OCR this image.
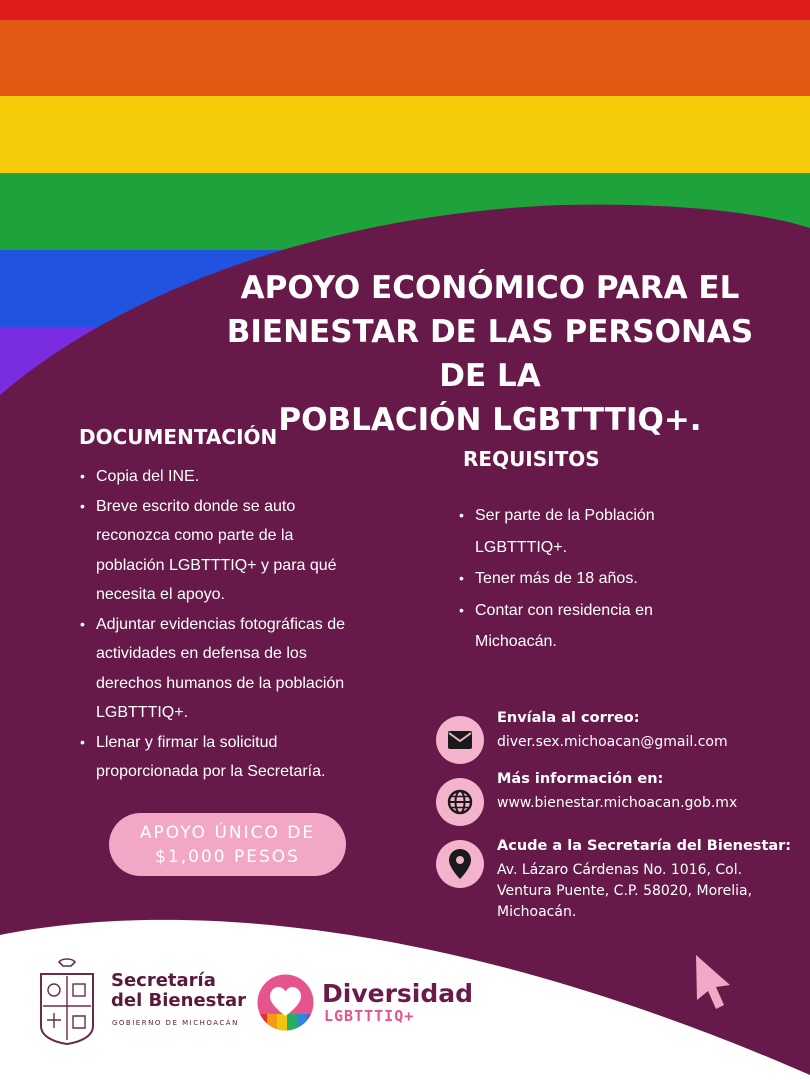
APOYO ECONÓMICO PARA EL
BIENESTAR DE LAS PERSONAS DE LA
POBLACIÓN LGBTTTIQ+.
DOCUMENTACIÓN
• Copia del INE.
• Breve escrito donde se auto
reconozca como parte de la
población LGBTTTIQ+ y para qué
necesita el apoyo.
• Adjuntar evidencias fotográficas de
actividades en defensa de los
derechos humanos de la población
LGBTTTIQ+.
• Llenar y firmar la solicitud
proporcionada por la Secretaría.
REQUISITOS
• Ser parte de la Población
LGBTTTIQ+.
• Tener más de 18 años.
• Contar con residencia en
Michoacán.
APOYO ÚNICO DE
$1,000 PESOS
Envíala al correo:
diver.sex.michoacan@gmail.com
Más información en:
www.bienestar.michoacan.gob.mx
Acude a la Secretaría del Bienestar:
Av. Lázaro Cárdenas No. 1016, Col.
Ventura Puente, C.P. 58020, Morelia,
Michoacán.
Secretaría
del Bienestar
GOBIERNO DE MICHOACÁN
Diversidad
LGBTTTIQ+
